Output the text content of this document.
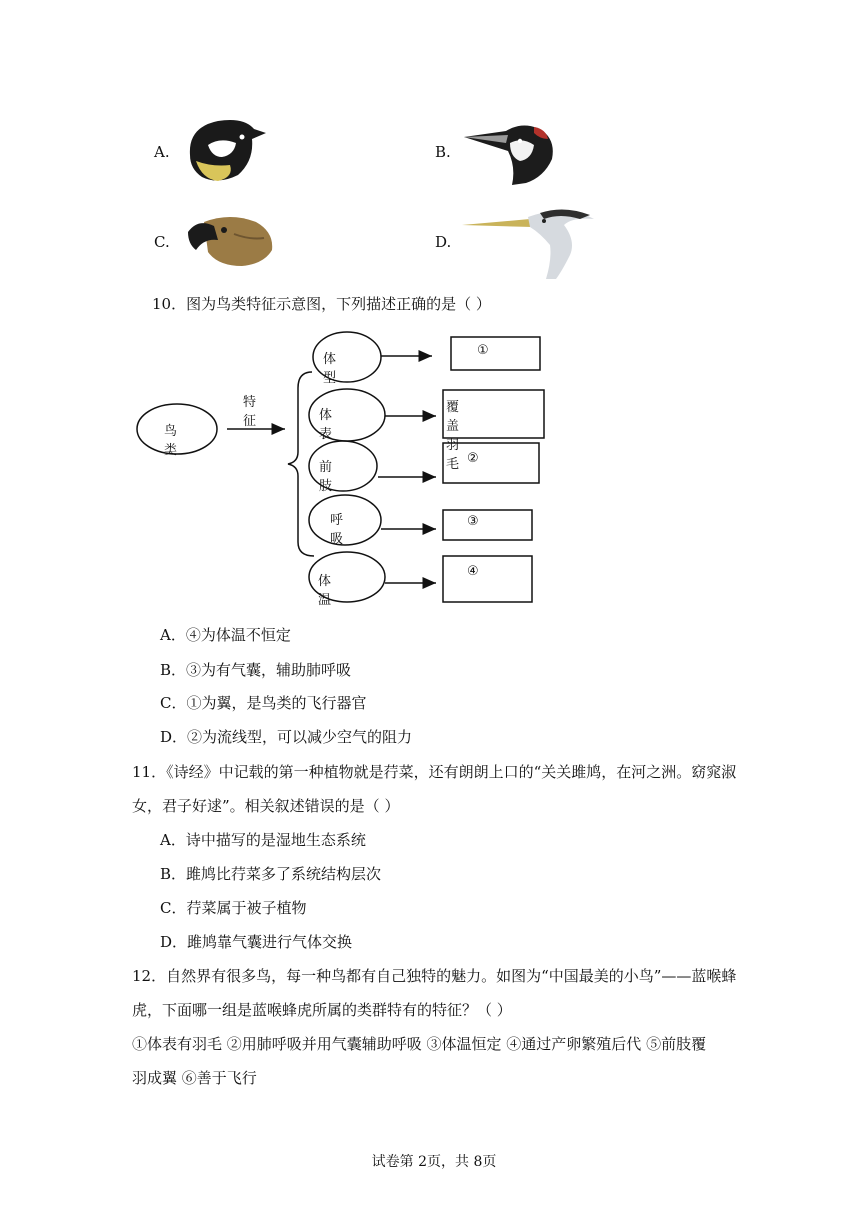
A.	B.
C.	D.
10．图为鸟类特征示意图，下列描述正确的是（ ）
鸟类
特征
体型
体表
前肢
呼吸
体温
①
覆盖羽毛 ②
③
④
A．④为体温不恒定
B．③为有气囊，辅助肺呼吸
C．①为翼，是鸟类的飞行器官
D．②为流线型，可以减少空气的阻力
11．《诗经》中记载的第一种植物就是荇菜，还有朗朗上口的“关关雎鸠，在河之洲。窈窕淑
女，君子好逑”。相关叙述错误的是（ ）
A．诗中描写的是湿地生态系统
B．雎鸠比荇菜多了系统结构层次
C．荇菜属于被子植物
D．雎鸠靠气囊进行气体交换
12．自然界有很多鸟，每一种鸟都有自己独特的魅力。如图为“中国最美的小鸟”——蓝喉蜂
虎，下面哪一组是蓝喉蜂虎所属的类群特有的特征？（ ）
①体表有羽毛 ②用肺呼吸并用气囊辅助呼吸 ③体温恒定 ④通过产卵繁殖后代 ⑤前肢覆
羽成翼 ⑥善于飞行
试卷第 2页，共 8页
